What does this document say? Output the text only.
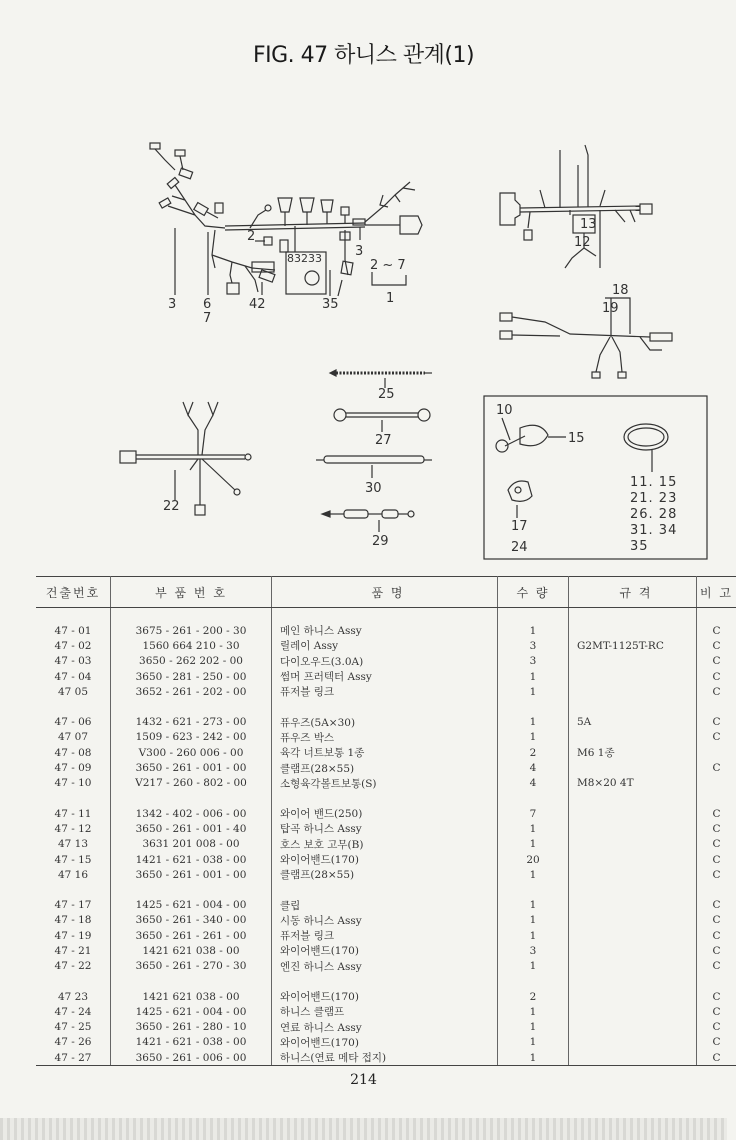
FIG. 47 하니스 관계(1)
3 6
7
42	35	1
2
3
2 ~ 7
83233
13
12
18
19
25
27
30
29
22
10
15
17
24
11. 15
21. 23
26. 28
31. 34
35
건출번호	부 품 번 호	품 명	수 량	규 격	비 고

47 - 01	3675 - 261 - 200 - 30	메인 하니스 Assy	1		C
47 - 02	1560 664 210 - 30	릴레이 Assy	3	G2MT-1125T-RC	C
47 - 03	3650 - 262 202 - 00	다이오우드(3.0A)	3		C
47 - 04	3650 - 281 - 250 - 00	썸머 프러텍터 Assy	1		C
47 05	3652 - 261 - 202 - 00	퓨저블 링크	1		C

47 - 06	1432 - 621 - 273 - 00	퓨우즈(5A×30)	1	5A	C
47 07	1509 - 623 - 242 - 00	퓨우즈 박스	1		C
47 - 08	V300 - 260 006 - 00	육각 너트보통 1종	2	M6 1종	
47 - 09	3650 - 261 - 001 - 00	클램프(28×55)	4		C
47 - 10	V217 - 260 - 802 - 00	소형육각볼트보통(S)	4	M8×20 4T	

47 - 11	1342 - 402 - 006 - 00	와이어 밴드(250)	7		C
47 - 12	3650 - 261 - 001 - 40	탑곡 하니스 Assy	1		C
47 13	3631 201 008 - 00	호스 보호 고무(B)	1		C
47 - 15	1421 - 621 - 038 - 00	와이어밴드(170)	20		C
47 16	3650 - 261 - 001 - 00	클램프(28×55)	1		C

47 - 17	1425 - 621 - 004 - 00	클립	1		C
47 - 18	3650 - 261 - 340 - 00	시동 하니스 Assy	1		C
47 - 19	3650 - 261 - 261 - 00	퓨저블 링크	1		C
47 - 21	1421 621 038 - 00	와이어밴드(170)	3		C
47 - 22	3650 - 261 - 270 - 30	엔진 하니스 Assy	1		C

47 23	1421 621 038 - 00	와이어밴드(170)	2		C
47 - 24	1425 - 621 - 004 - 00	하니스 클램프	1		C
47 - 25	3650 - 261 - 280 - 10	연료 하니스 Assy	1		C
47 - 26	1421 - 621 - 038 - 00	와이어밴드(170)	1		C
47 - 27	3650 - 261 - 006 - 00	하니스(연료 메타 접지)	1		C
214
